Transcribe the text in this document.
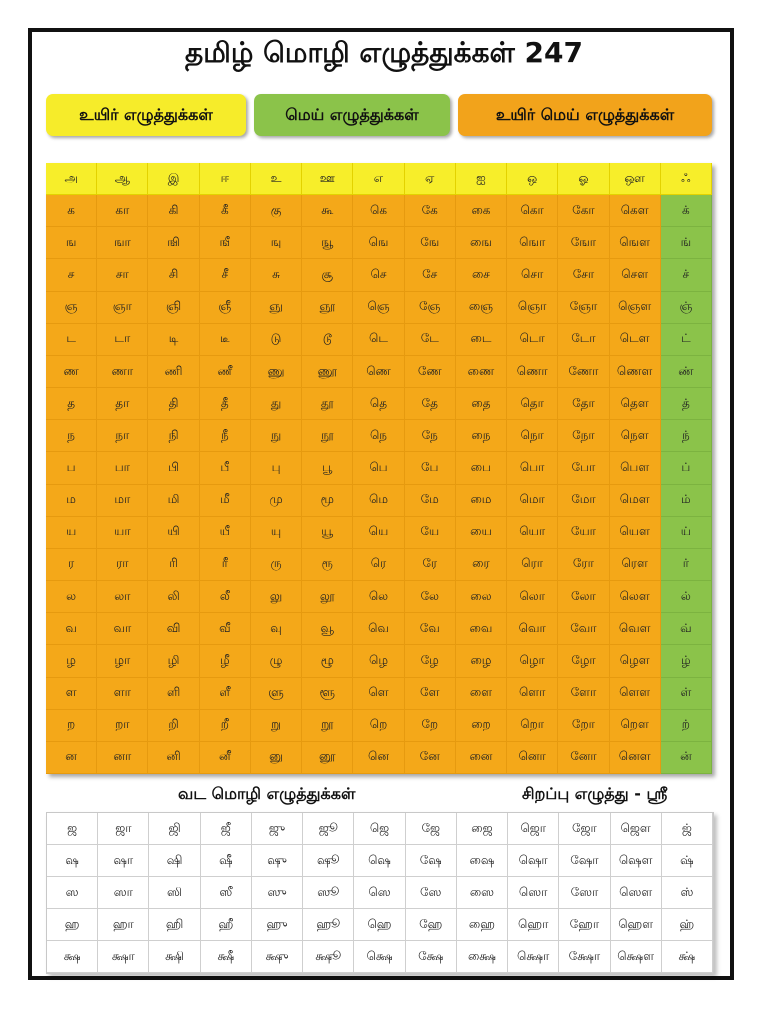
தமிழ் மொழி எழுத்துக்கள் 247
உயிர் எழுத்துக்கள்	மெய் எழுத்துக்கள்	உயிர் மெய் எழுத்துக்கள்
அ	ஆ	இ	ஈ	உ	ஊ	எ	ஏ	ஐ	ஒ	ஓ	ஔ	ஃ
க	கா	கி	கீ	கு	கூ	கெ	கே	கை	கொ	கோ	கௌ	க்
ங	ஙா	ஙி	ஙீ	ஙு	ஙூ	ஙெ	ஙே	ஙை	ஙொ	ஙோ	ஙௌ	ங்
ச	சா	சி	சீ	சு	சூ	செ	சே	சை	சொ	சோ	சௌ	ச்
ஞ	ஞா	ஞி	ஞீ	ஞு	ஞூ	ஞெ	ஞே	ஞை	ஞொ	ஞோ	ஞௌ	ஞ்
ட	டா	டி	டீ	டு	டூ	டெ	டே	டை	டொ	டோ	டௌ	ட்
ண	ணா	ணி	ணீ	ணு	ணூ	ணெ	ணே	ணை	ணொ	ணோ	ணௌ	ண்
த	தா	தி	தீ	து	தூ	தெ	தே	தை	தொ	தோ	தௌ	த்
ந	நா	நி	நீ	நு	நூ	நெ	நே	நை	நொ	நோ	நௌ	ந்
ப	பா	பி	பீ	பு	பூ	பெ	பே	பை	பொ	போ	பௌ	ப்
ம	மா	மி	மீ	மு	மூ	மெ	மே	மை	மொ	மோ	மௌ	ம்
ய	யா	யி	யீ	யு	யூ	யெ	யே	யை	யொ	யோ	யௌ	ய்
ர	ரா	ரி	ரீ	ரு	ரூ	ரெ	ரே	ரை	ரொ	ரோ	ரௌ	ர்
ல	லா	லி	லீ	லு	லூ	லெ	லே	லை	லொ	லோ	லௌ	ல்
வ	வா	வி	வீ	வு	வூ	வெ	வே	வை	வொ	வோ	வௌ	வ்
ழ	ழா	ழி	ழீ	ழு	ழூ	ழெ	ழே	ழை	ழொ	ழோ	ழௌ	ழ்
ள	ளா	ளி	ளீ	ளு	ளூ	ளெ	ளே	ளை	ளொ	ளோ	ளௌ	ள்
ற	றா	றி	றீ	று	றூ	றெ	றே	றை	றொ	றோ	றௌ	ற்
ன	னா	னி	னீ	னு	னூ	னெ	னே	னை	னொ	னோ	னௌ	ன்
வட மொழி எழுத்துக்கள்	சிறப்பு எழுத்து - ஸ்ரீ
ஜ	ஜா	ஜி	ஜீ	ஜு	ஜூ	ஜெ	ஜே	ஜை	ஜொ	ஜோ	ஜௌ	ஜ்
ஷ	ஷா	ஷி	ஷீ	ஷு	ஷூ	ஷெ	ஷே	ஷை	ஷொ	ஷோ	ஷௌ	ஷ்
ஸ	ஸா	ஸி	ஸீ	ஸு	ஸூ	ஸெ	ஸே	ஸை	ஸொ	ஸோ	ஸௌ	ஸ்
ஹ	ஹா	ஹி	ஹீ	ஹு	ஹூ	ஹெ	ஹே	ஹை	ஹொ	ஹோ	ஹௌ	ஹ்
க்ஷ	க்ஷா	க்ஷி	க்ஷீ	க்ஷு	க்ஷூ	க்ஷெ	க்ஷே	க்ஷை	க்ஷொ	க்ஷோ	க்ஷௌ	க்ஷ்
